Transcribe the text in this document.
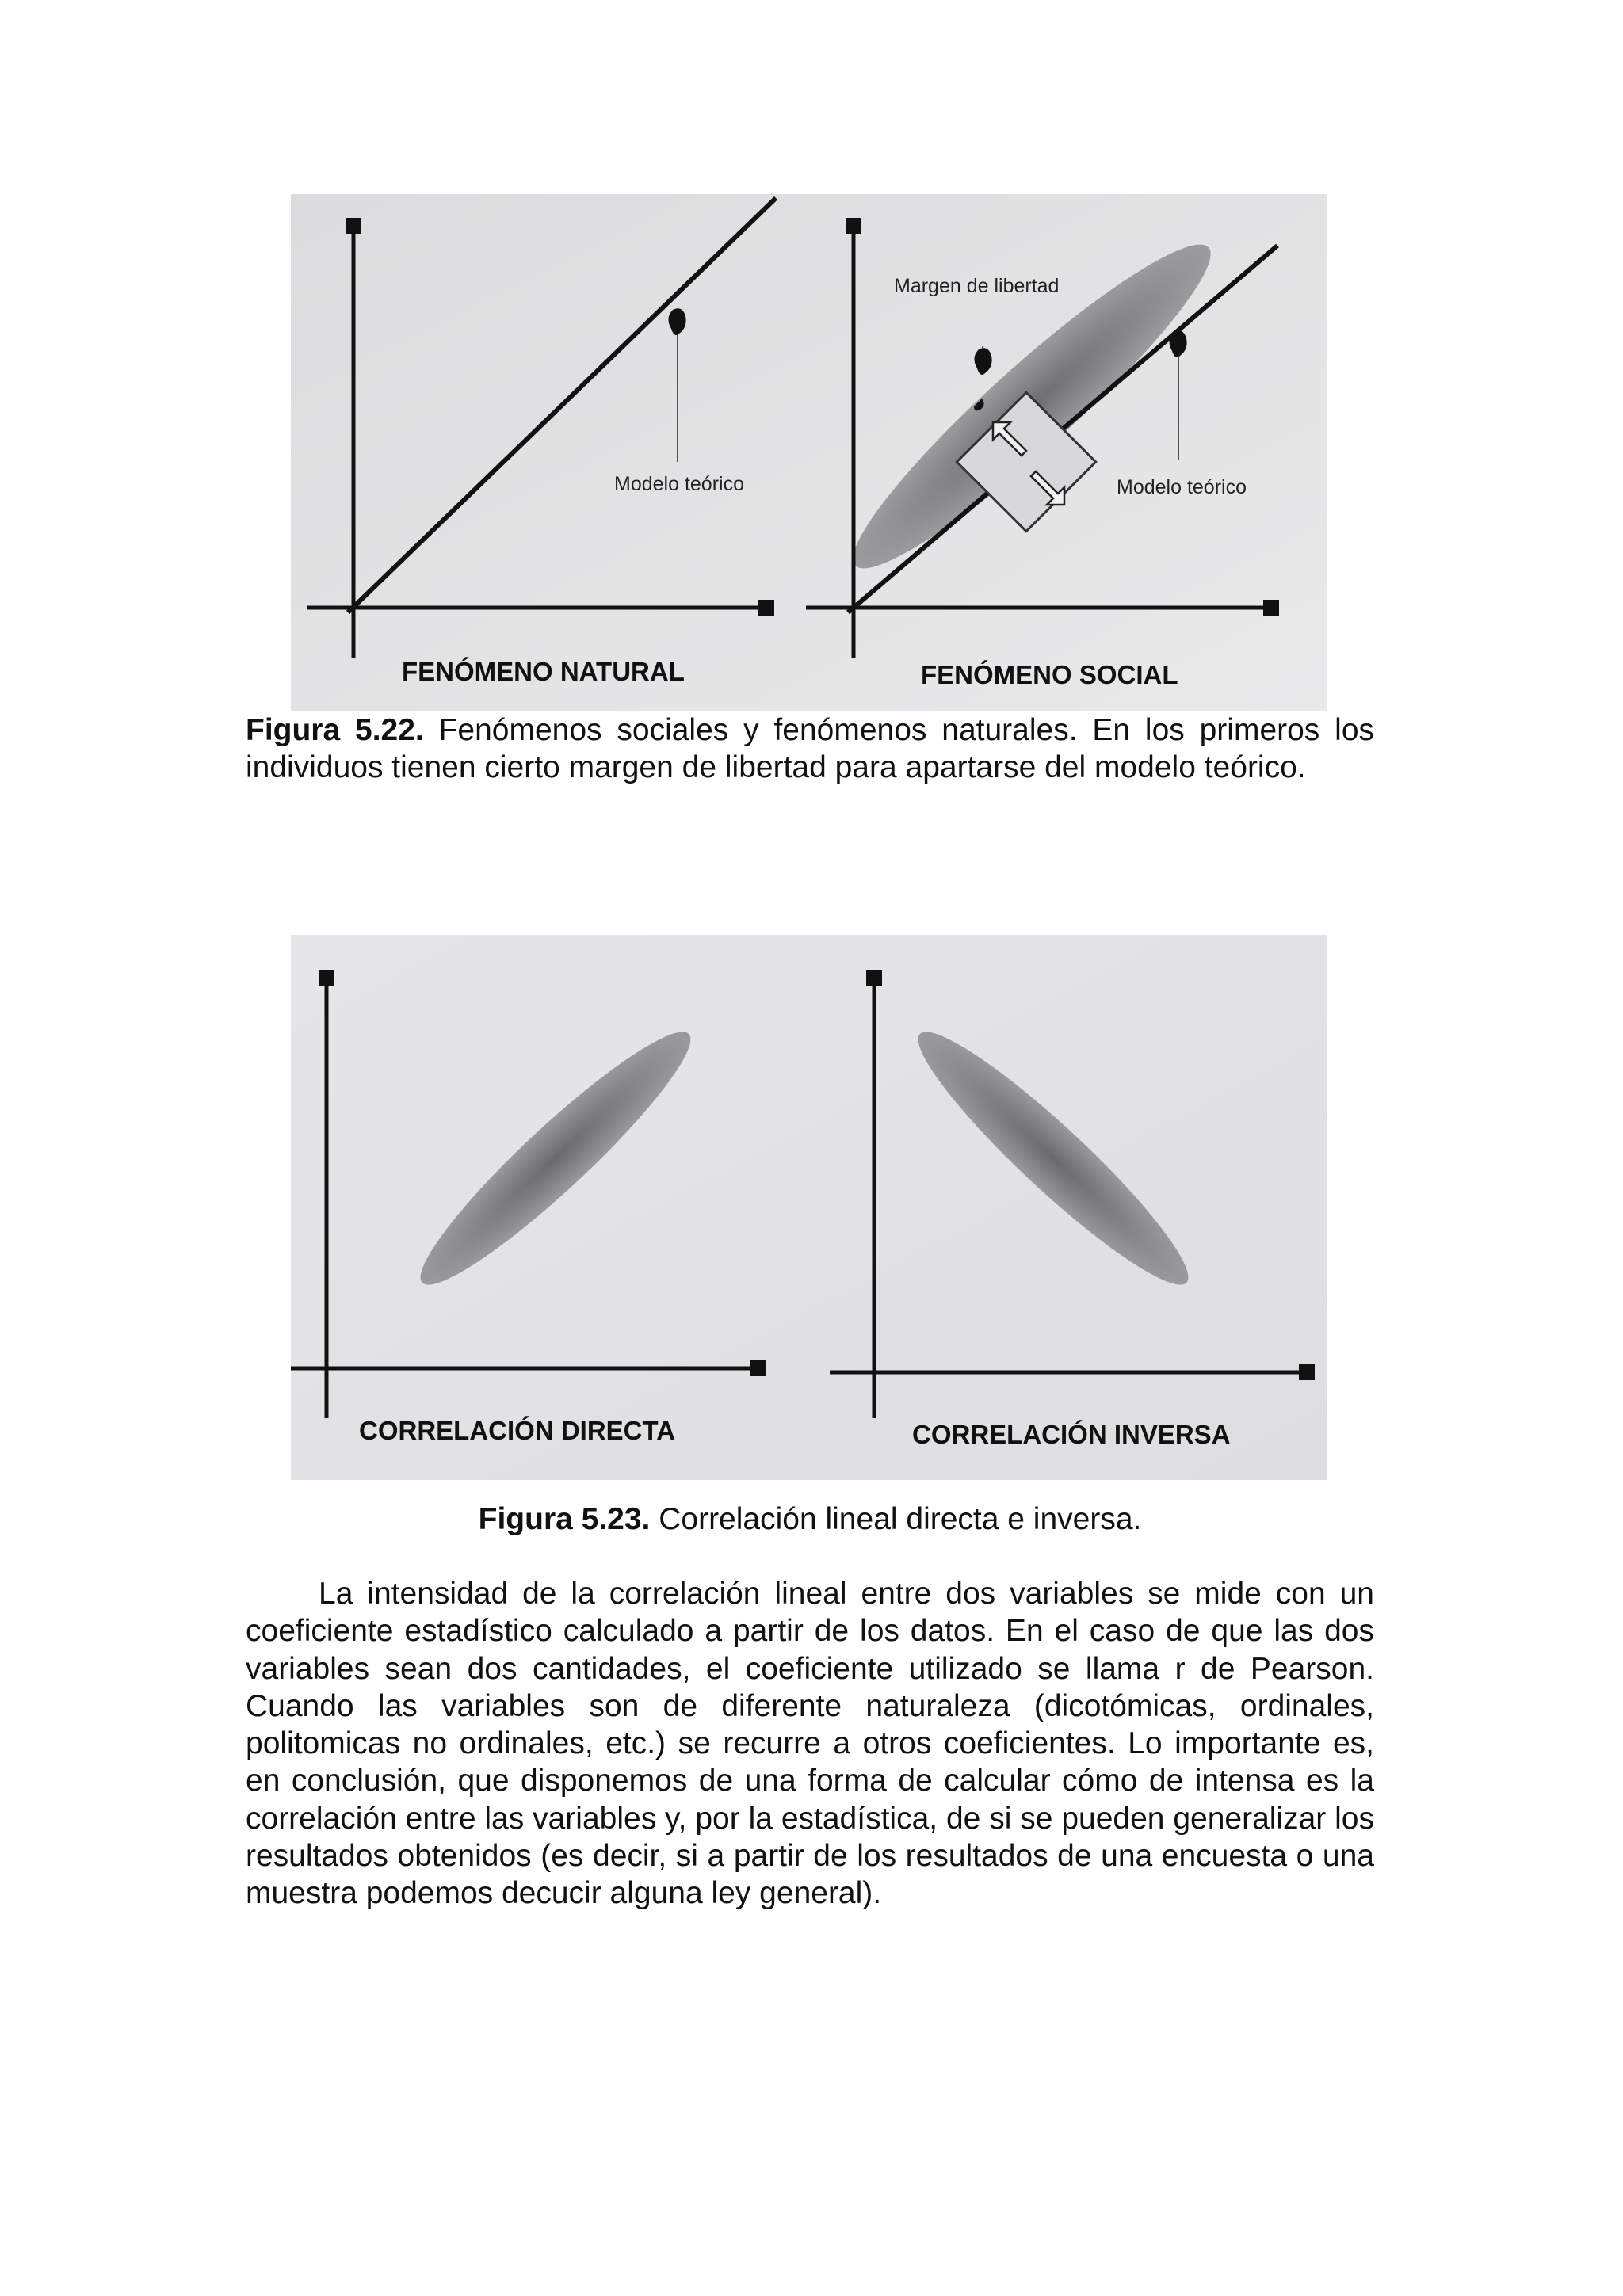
Modelo teórico
FENÓMENO NATURAL
Margen de libertad
Modelo teórico
FENÓMENO SOCIAL
Figura 5.22. Fenómenos sociales y fenómenos naturales. En los primeros los individuos tienen cierto margen de libertad para apartarse del modelo teórico.
CORRELACIÓN DIRECTA	CORRELACIÓN INVERSA
Figura 5.23. Correlación lineal directa e inversa.

La intensidad de la correlación lineal entre dos variables se mide con un coeficiente estadístico calculado a partir de los datos. En el caso de que las dos variables sean dos cantidades, el coeficiente utilizado se llama r de Pearson. Cuando las variables son de diferente naturaleza (dicotómicas, ordinales, politomicas no ordinales, etc.) se recurre a otros coeficientes. Lo importante es, en conclusión, que disponemos de una forma de calcular cómo de intensa es la correlación entre las variables y, por la estadística, de si se pueden generalizar los resultados obtenidos (es decir, si a partir de los resultados de una encuesta o una muestra podemos decucir alguna ley general).
